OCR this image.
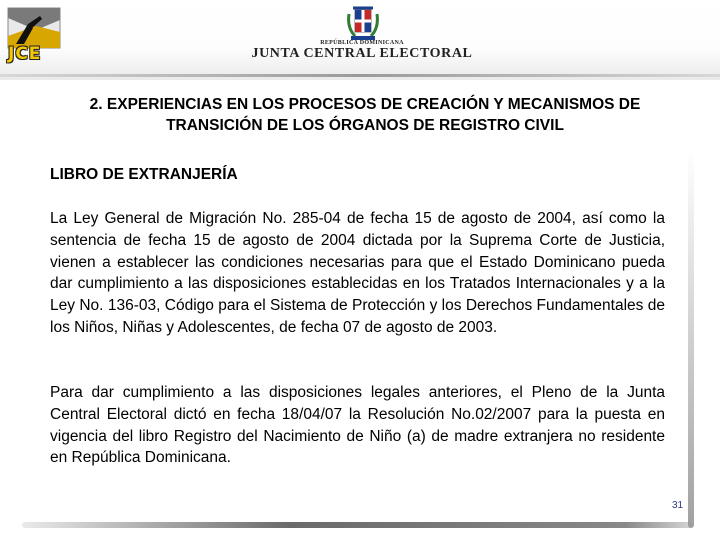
JCE
REPÚBLICA DOMINICANA
JUNTA CENTRAL ELECTORAL
2. EXPERIENCIAS EN LOS PROCESOS DE CREACIÓN Y MECANISMOS DE
TRANSICIÓN DE LOS ÓRGANOS DE REGISTRO CIVIL
LIBRO DE EXTRANJERÍA

La Ley General de Migración No. 285-04 de fecha 15 de agosto de 2004, así como la sentencia de fecha 15 de agosto de 2004 dictada por la Suprema Corte de Justicia, vienen a establecer las condiciones necesarias para que el Estado Dominicano pueda dar cumplimiento a las disposiciones establecidas en los Tratados Internacionales y a la Ley No. 136-03, Código para el Sistema de Protección y los Derechos Fundamentales de los Niños, Niñas y Adolescentes, de fecha 07 de agosto de 2003.

Para dar cumplimiento a las disposiciones legales anteriores, el Pleno de la Junta Central Electoral dictó en fecha 18/04/07 la Resolución No.02/2007 para la puesta en vigencia del libro Registro del Nacimiento de Niño (a) de madre extranjera no residente en República Dominicana.

31
